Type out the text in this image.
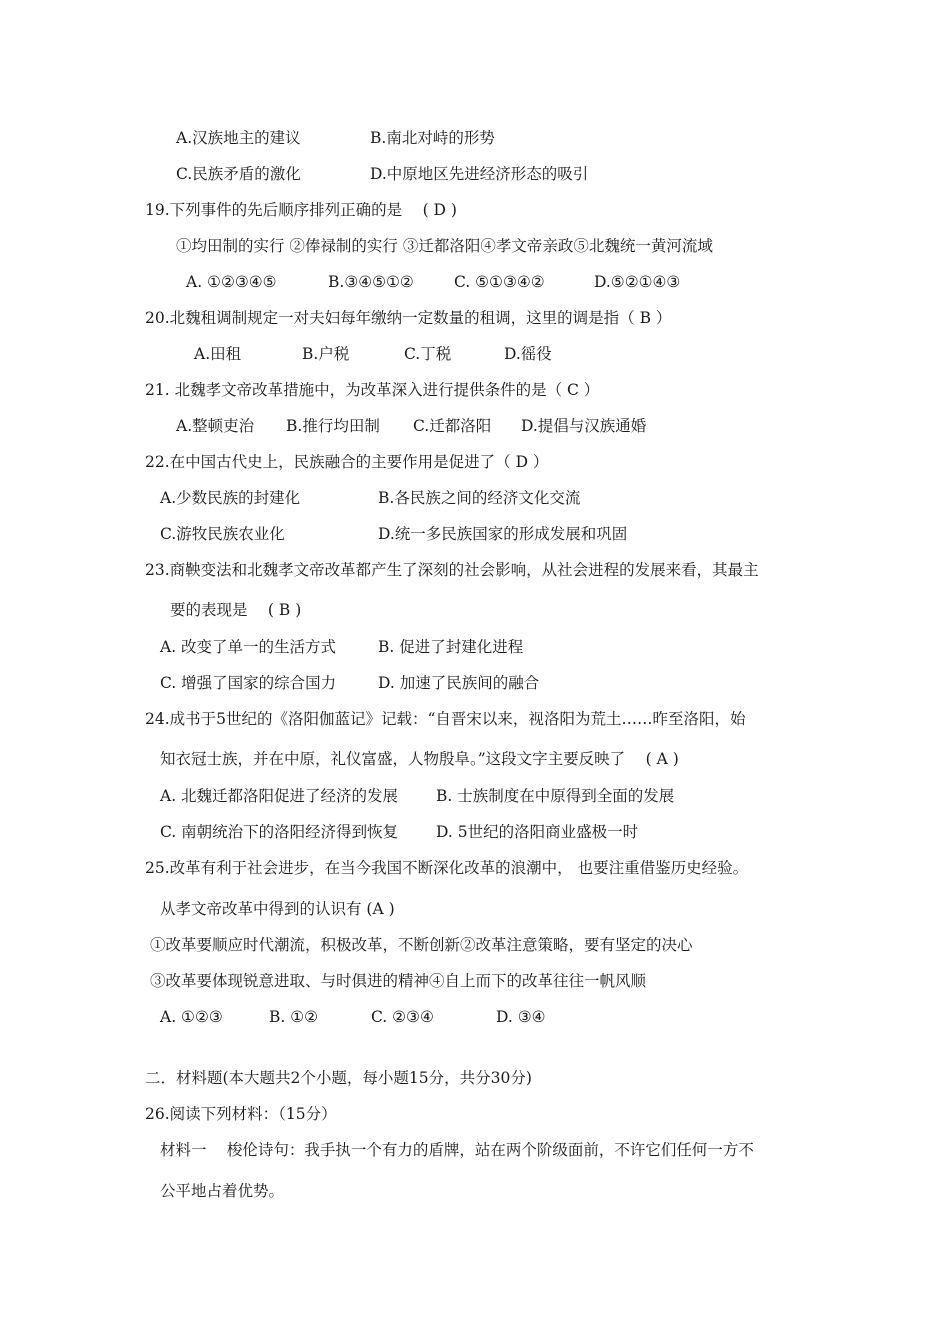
A.汉族地主的建议	B.南北对峙的形势
C.民族矛盾的激化	D.中原地区先进经济形态的吸引
19.下列事件的先后顺序排列正确的是 　( D )
①均田制的实行 ②俸禄制的实行 ③迁都洛阳④孝文帝亲政⑤北魏统一黄河流域
A. ①②③④⑤	B.③④⑤①②	C. ⑤①③④②	D.⑤②①④③
20.北魏租调制规定一对夫妇每年缴纳一定数量的租调，这里的调是指（ B ）
A.田租	B.户税	C.丁税	D.徭役
21. 北魏孝文帝改革措施中，为改革深入进行提供条件的是（ C ）
A.整顿吏治 B.推行均田制 C.迁都洛阳 D.提倡与汉族通婚
22.在中国古代史上，民族融合的主要作用是促进了（ D ）
A.少数民族的封建化	B.各民族之间的经济文化交流
C.游牧民族农业化	D.统一多民族国家的形成发展和巩固
23.商鞅变法和北魏孝文帝改革都产生了深刻的社会影响，从社会进程的发展来看，其最主
要的表现是 　( B )
A. 改变了单一的生活方式	B. 促进了封建化进程
C. 增强了国家的综合国力	D. 加速了民族间的融合
24.成书于5世纪的《洛阳伽蓝记》记载：“自晋宋以来，视洛阳为荒土……昨至洛阳，始
知衣冠士族，并在中原，礼仪富盛，人物殷阜。”这段文字主要反映了 　( A )
A. 北魏迁都洛阳促进了经济的发展 B. 士族制度在中原得到全面的发展
C. 南朝统治下的洛阳经济得到恢复 D. 5世纪的洛阳商业盛极一时
25.改革有利于社会进步，在当今我国不断深化改革的浪潮中， 也要注重借鉴历史经验。
从孝文帝改革中得到的认识有 (A )
①改革要顺应时代潮流，积极改革，不断创新②改革注意策略，要有坚定的决心
③改革要体现锐意进取、与时俱进的精神④自上而下的改革往往一帆风顺
A. ①②③	B. ①②	C. ②③④	D. ③④
二．材料题(本大题共2个小题，每小题15分，共分30分)
26.阅读下列材料：（15分）
材料一 　梭伦诗句：我手执一个有力的盾牌，站在两个阶级面前，不许它们任何一方不
公平地占着优势。
